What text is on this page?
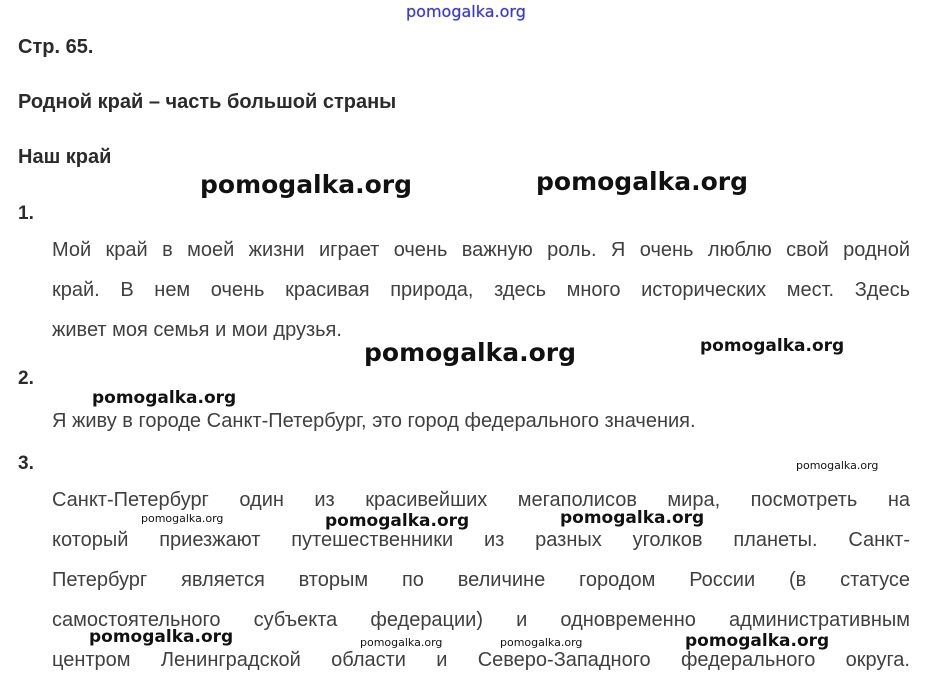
pomogalka.org
Стр. 65.
Родной край – часть большой страны
Наш край
1.
Мой край в моей жизни играет очень важную роль. Я очень люблю свой родной
край. В нем очень красивая природа, здесь много исторических мест. Здесь
живет моя семья и мои друзья.
2.
Я живу в городе Санкт-Петербург, это город федерального значения.
3.
Санкт-Петербург один из красивейших мегаполисов мира, посмотреть на
который приезжают путешественники из разных уголков планеты. Санкт-
Петербург является вторым по величине городом России (в статусе
самостоятельного субъекта федерации) и одновременно административным
центром Ленинградской области и Северо-Западного федерального округа.
pomogalka.org	pomogalka.org
pomogalka.org	pomogalka.org
pomogalka.org
pomogalka.org
pomogalka.org	pomogalka.org	pomogalka.org
pomogalka.org	pomogalka.org	pomogalka.org	pomogalka.org
